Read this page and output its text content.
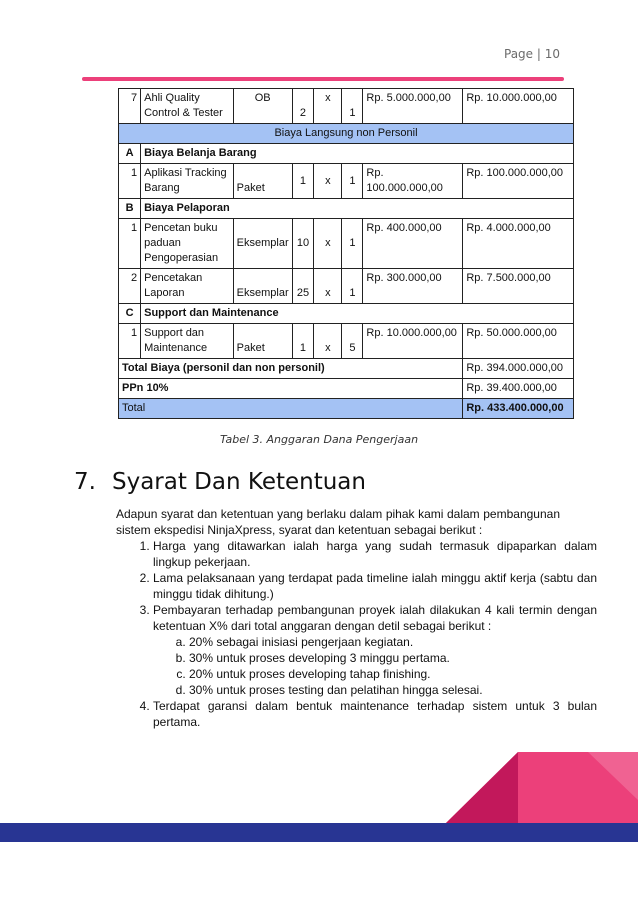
Page | 10
7	Ahli Quality Control & Tester	OB	2	x	1	Rp. 5.000.000,00	Rp. 10.000.000,00
Biaya Langsung non Personil							
A	Biaya Belanja Barang						
1	Aplikasi Tracking Barang	Paket	1	x	1	Rp. 100.000.000,00	Rp. 100.000.000,00
B	Biaya Pelaporan						
1	Pencetan buku paduan Pengoperasian	Eksemplar	10	x	1	Rp. 400.000,00	Rp. 4.000.000,00
2	Pencetakan Laporan	Eksemplar	25	x	1	Rp. 300.000,00	Rp. 7.500.000,00
C	Support dan Maintenance						
1	Support dan Maintenance	Paket	1	x	5	Rp. 10.000.000,00	Rp. 50.000.000,00
Total Biaya (personil dan non personil)							Rp. 394.000.000,00
PPn 10%							Rp. 39.400.000,00
Total							Rp. 433.400.000,00
Tabel 3. Anggaran Dana Pengerjaan
7. Syarat Dan Ketentuan
Adapun syarat dan ketentuan yang berlaku dalam pihak kami dalam pembangunan sistem ekspedisi NinjaXpress, syarat dan ketentuan sebagai berikut :
1. Harga yang ditawarkan ialah harga yang sudah termasuk dipaparkan dalam lingkup pekerjaan.
2. Lama pelaksanaan yang terdapat pada timeline ialah minggu aktif kerja (sabtu dan minggu tidak dihitung.)
3. Pembayaran terhadap pembangunan proyek ialah dilakukan 4 kali termin dengan ketentuan X% dari total anggaran dengan detil sebagai berikut :
a. 20% sebagai inisiasi pengerjaan kegiatan.
b. 30% untuk proses developing 3 minggu pertama.
c. 20% untuk proses developing tahap finishing.
d. 30% untuk proses testing dan pelatihan hingga selesai.
4. Terdapat garansi dalam bentuk maintenance terhadap sistem untuk 3 bulan pertama.
